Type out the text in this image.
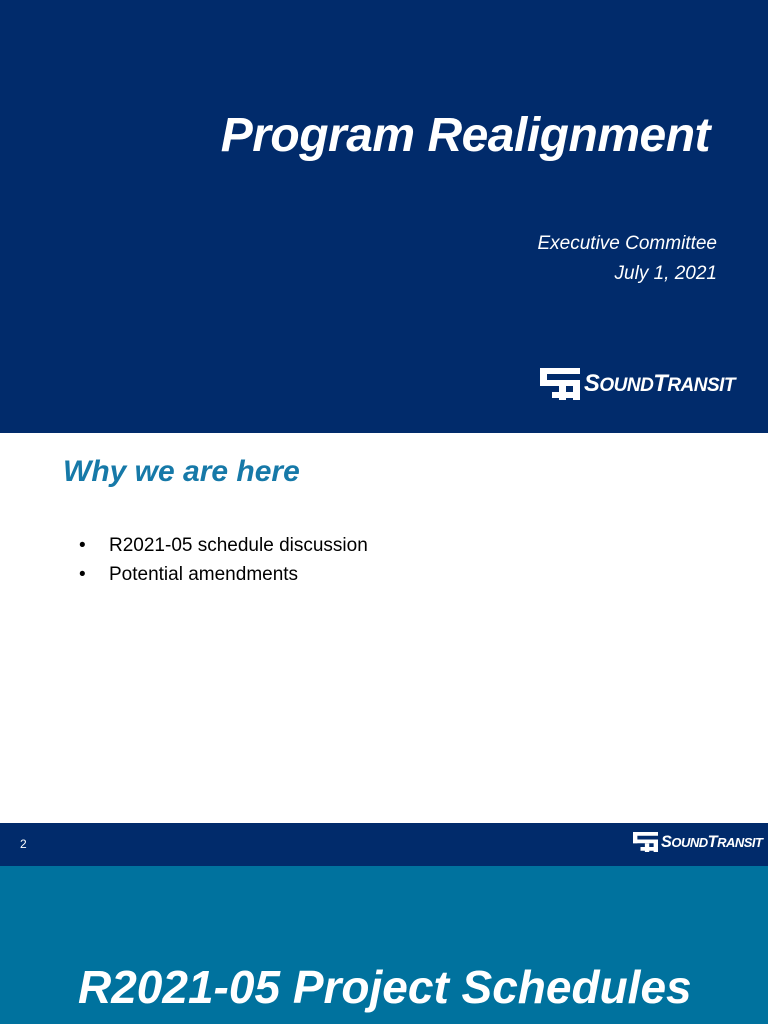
Program Realignment
Executive Committee
July 1, 2021
SOUNDTRANSIT
Why we are here
•	R2021-05 schedule discussion
•	Potential amendments
2	SOUNDTRANSIT
R2021-05 Project Schedules
